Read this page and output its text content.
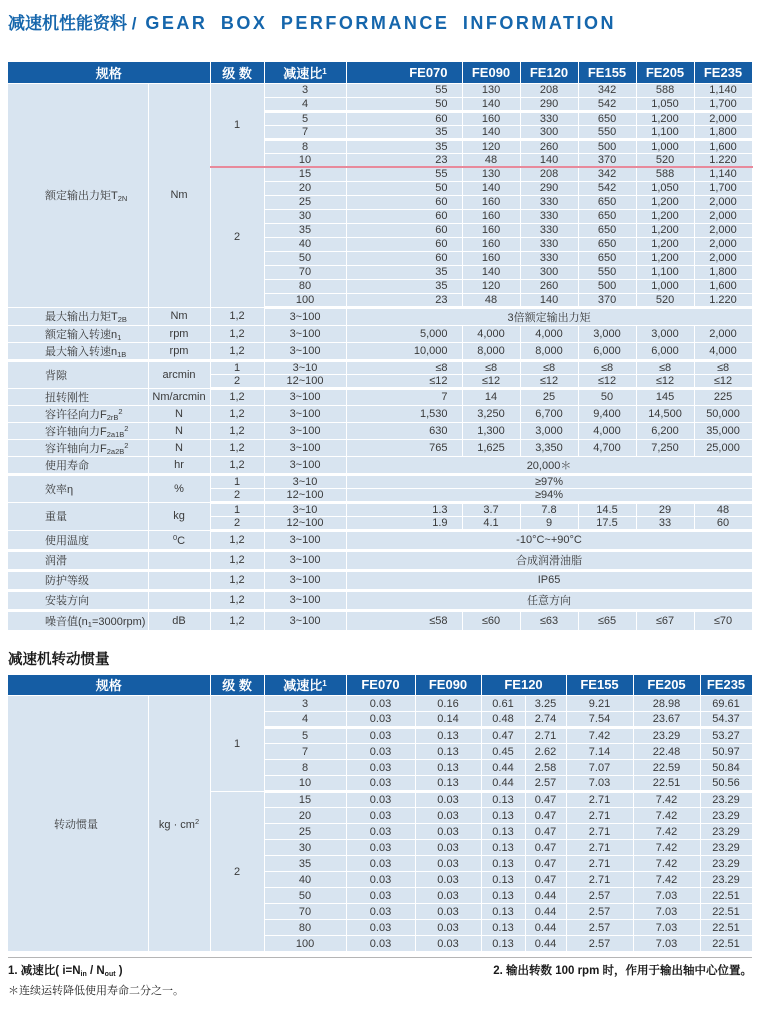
减速机性能资料 / GEAR BOX PERFORMANCE INFORMATION
规格		级 数	减速比$^1$	FE070	FE090	FE120	FE155	FE205	FE235
额定输出力矩$T_{2N}$	Nm	1	3	55	130	208	342	588	1,140
			4	50	140	290	542	1,050	1,700
			5	60	160	330	650	1,200	2,000
			7	35	140	300	550	1,100	1,800
			8	35	120	260	500	1,000	1,600
			10	23	48	140	370	520	1.220
		2	15	55	130	208	342	588	1,140
			20	50	140	290	542	1,050	1,700
			25	60	160	330	650	1,200	2,000
			30	60	160	330	650	1,200	2,000
			35	60	160	330	650	1,200	2,000
			40	60	160	330	650	1,200	2,000
			50	60	160	330	650	1,200	2,000
			70	35	140	300	550	1,100	1,800
			80	35	120	260	500	1,000	1,600
			100	23	48	140	370	520	1.220
最大输出力矩$T_{2B}$	Nm	1,2	3~100	3倍额定输出力矩					
额定输入转速$n_1$	rpm	1,2	3~100	5,000	4,000	4,000	3,000	3,000	2,000
最大输入转速$n_{1B}$	rpm	1,2	3~100	10,000	8,000	8,000	6,000	6,000	4,000
背隙	arcmin	1	3~10	≤8	≤8	≤8	≤8	≤8	≤8
		2	12~100	≤12	≤12	≤12	≤12	≤12	≤12
扭转刚性	Nm/arcmin	1,2	3~100	7	14	25	50	145	225
容许径向力$F_{2rB}^2$	N	1,2	3~100	1,530	3,250	6,700	9,400	14,500	50,000
容许轴向力$F_{2a1B}^2$	N	1,2	3~100	630	1,300	3,000	4,000	6,200	35,000
容许轴向力$F_{2a2B}^2$	N	1,2	3~100	765	1,625	3,350	4,700	7,250	25,000
使用寿命	hr	1,2	3~100	20,000＊					
效率η	%	1	3~10	≥97%					
		2	12~100	≥94%					
重量	kg	1	3~10	1.3	3.7	7.8	14.5	29	48
		2	12~100	1.9	4.1	9	17.5	33	60
使用温度	$^0$C	1,2	3~100	-10°C~+90°C					
润滑		1,2	3~100	合成润滑油脂					
防护等级		1,2	3~100	IP65					
安装方向		1,2	3~100	任意方向					
噪音值$(n_1=3000rpm)$	dB	1,2	3~100	≤58	≤60	≤63	≤65	≤67	≤70
减速机转动惯量
规格		级 数	减速比$^1$	FE070	FE090	FE120		FE155	FE205	FE235
转动惯量	kg · $cm^2$	1	3	0.03	0.16	0.61	3.25	9.21	28.98	69.61
			4	0.03	0.14	0.48	2.74	7.54	23.67	54.37
			5	0.03	0.13	0.47	2.71	7.42	23.29	53.27
			7	0.03	0.13	0.45	2.62	7.14	22.48	50.97
			8	0.03	0.13	0.44	2.58	7.07	22.59	50.84
			10	0.03	0.13	0.44	2.57	7.03	22.51	50.56
		2	15	0.03	0.03	0.13	0.47	2.71	7.42	23.29
			20	0.03	0.03	0.13	0.47	2.71	7.42	23.29
			25	0.03	0.03	0.13	0.47	2.71	7.42	23.29
			30	0.03	0.03	0.13	0.47	2.71	7.42	23.29
			35	0.03	0.03	0.13	0.47	2.71	7.42	23.29
			40	0.03	0.03	0.13	0.47	2.71	7.42	23.29
			50	0.03	0.03	0.13	0.44	2.57	7.03	22.51
			70	0.03	0.03	0.13	0.44	2.57	7.03	22.51
			80	0.03	0.03	0.13	0.44	2.57	7.03	22.51
			100	0.03	0.03	0.13	0.44	2.57	7.03	22.51
1. 减速比( $i=N_{in} / N_{out}$ )	2. 输出转数 100 rpm 时，作用于输出轴中心位置。
＊连续运转降低使用寿命二分之一。
